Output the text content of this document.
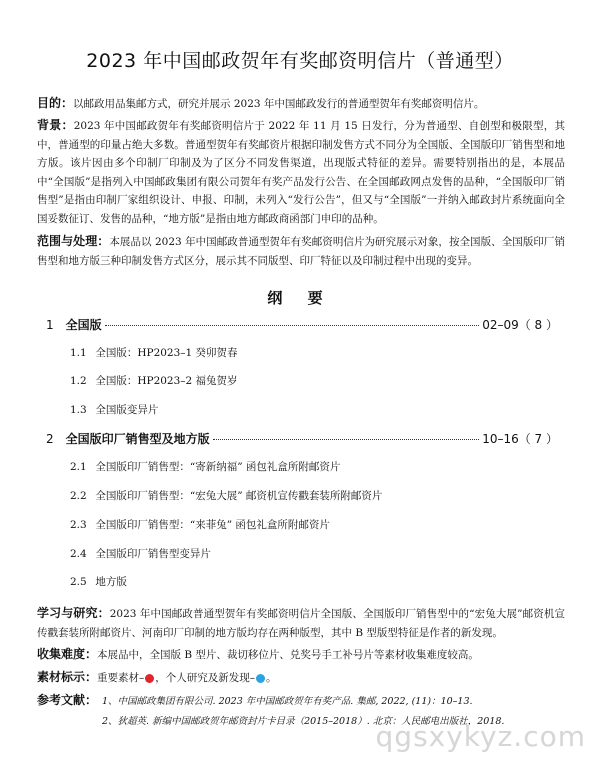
2023 年中国邮政贺年有奖邮资明信片（普通型）
目的：以邮政用品集邮方式，研究并展示 2023 年中国邮政发行的普通型贺年有奖邮资明信片。
背景：2023 年中国邮政贺年有奖邮资明信片于 2022 年 11 月 15 日发行，分为普通型、自创型和极限型，其中，普通型的印量占绝大多数。普通型贺年有奖邮资片根据印制发售方式不同分为全国版、全国版印厂销售型和地方版。该片因由多个印制厂印制及为了区分不同发售渠道，出现版式特征的差异。需要特别指出的是，本展品中“全国版”是指列入中国邮政集团有限公司贺年有奖产品发行公告、在全国邮政网点发售的品种，“全国版印厂销售型”是指由印制厂家组织设计、申报、印制，未列入“发行公告”，但又与“全国版”一并纳入邮政封片系统面向全国妥数征订、发售的品种，“地方版”是指由地方邮政商函部门申印的品种。
范围与处理：本展品以 2023 年中国邮政普通型贺年有奖邮资明信片为研究展示对象，按全国版、全国版印厂销售型和地方版三种印制发售方式区分，展示其不同版型、印厂特征以及印制过程中出现的变异。
纲 要
1 全国版	02–09（ 8 ）
1.1 全国版：HP2023–1 癸卯贺春
1.2 全国版：HP2023–2 福兔贺岁
1.3 全国版变异片
2 全国版印厂销售型及地方版	10–16（ 7 ）
2.1 全国版印厂销售型：“寄新纳福” 函包礼盒所附邮资片
2.2 全国版印厂销售型：“宏兔大展” 邮资机宣传戳套装所附邮资片
2.3 全国版印厂销售型：“来菲兔” 函包礼盒所附邮资片
2.4 全国版印厂销售型变异片
2.5 地方版
学习与研究：2023 年中国邮政普通型贺年有奖邮资明信片全国版、全国版印厂销售型中的“宏兔大展”邮资机宣传戳套装所附邮资片、河南印厂印制的地方版均存在两种版型，其中 B 型版型特征是作者的新发现。
收集难度：本展品中，全国版 B 型片、裁切移位片、兑奖号手工补号片等素材收集难度较高。
素材标示：重要素材– ，个人研究及新发现– 。
参考文献： 1、中国邮政集团有限公司. 2023 年中国邮政贺年有奖产品. 集邮, 2022, (11)：10–13.
2、狄超英. 新编中国邮政贺年邮资封片卡目录（2015–2018）. 北京：人民邮电出版社，2018.
qgsxykyz.com
